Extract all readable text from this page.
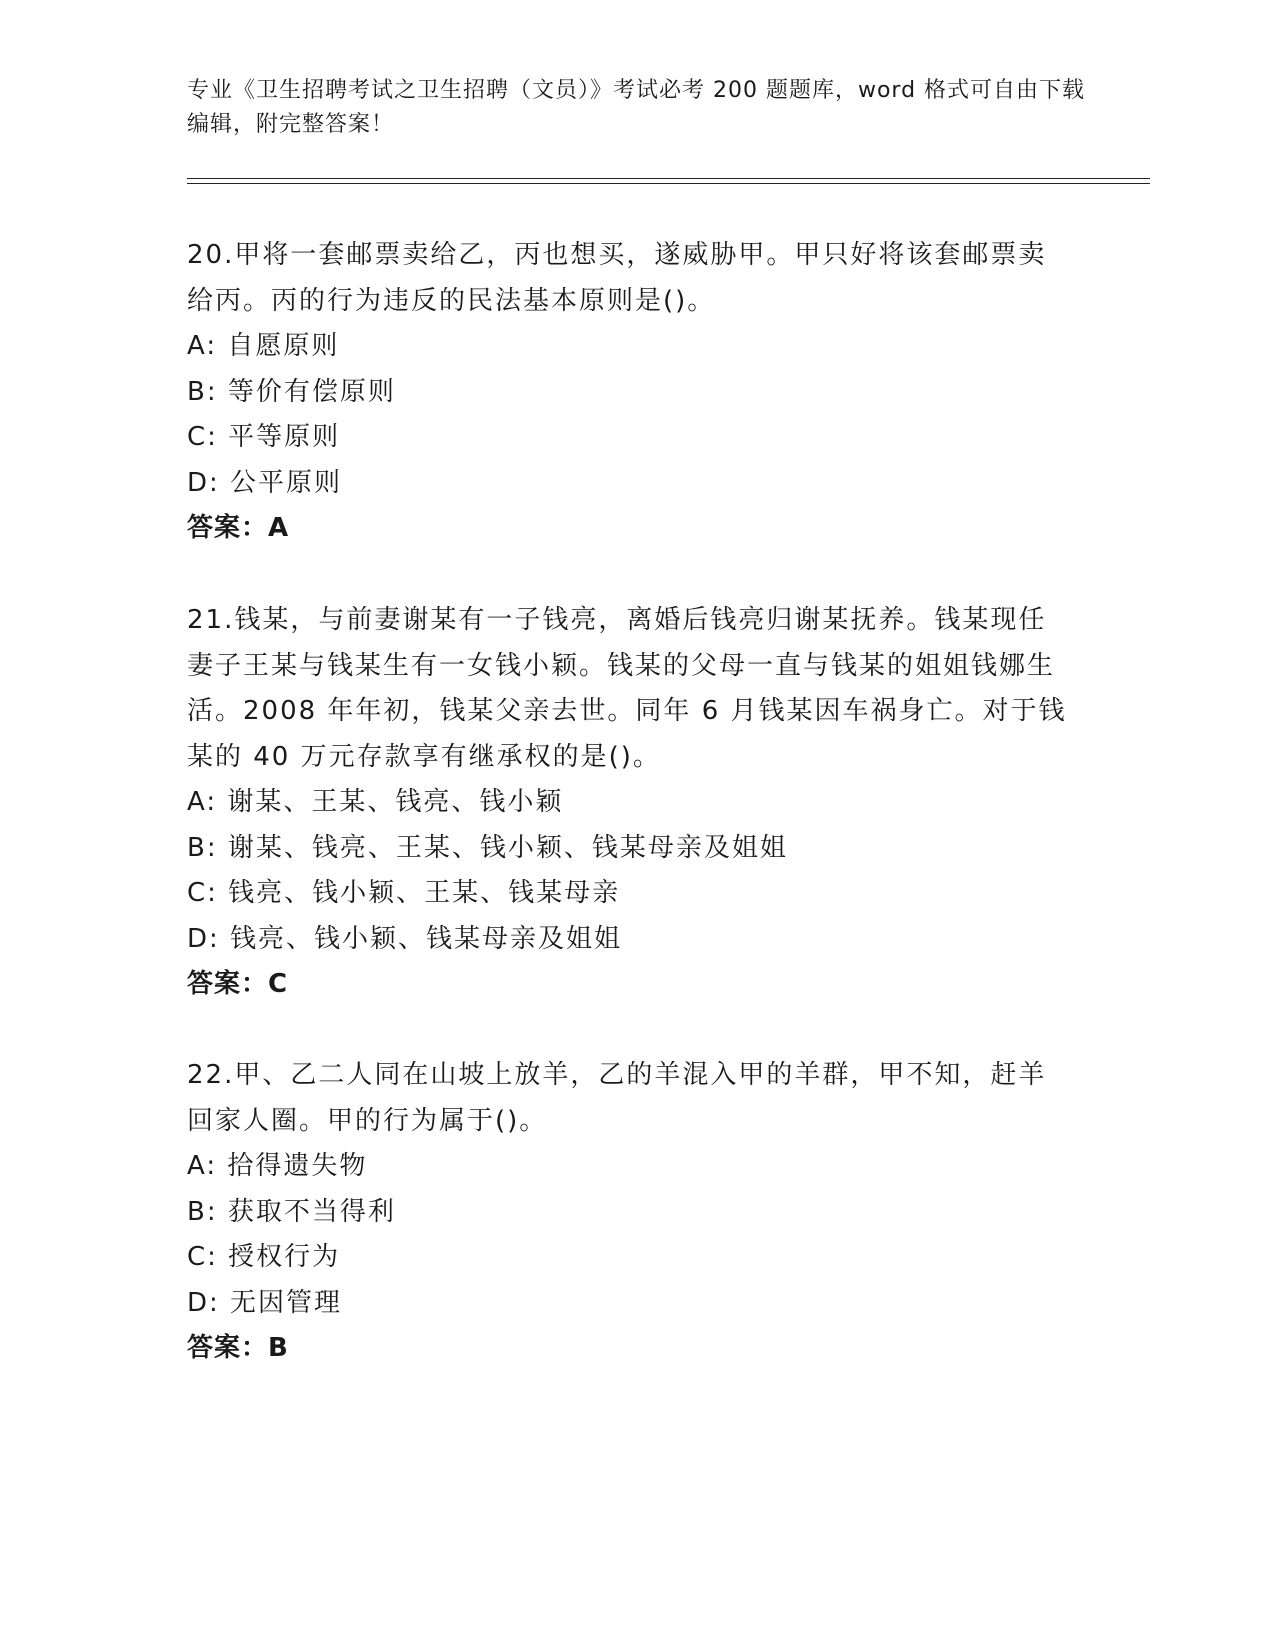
专业《卫生招聘考试之卫生招聘（文员）》考试必考 200 题题库，word 格式可自由下载编辑，附完整答案！

20.甲将一套邮票卖给乙，丙也想买，遂威胁甲。甲只好将该套邮票卖给丙。丙的行为违反的民法基本原则是()。

A: 自愿原则

B: 等价有偿原则

C: 平等原则

D: 公平原则

答案：A

21.钱某，与前妻谢某有一子钱亮，离婚后钱亮归谢某抚养。钱某现任妻子王某与钱某生有一女钱小颖。钱某的父母一直与钱某的姐姐钱娜生活。2008 年年初，钱某父亲去世。同年 6 月钱某因车祸身亡。对于钱某的 40 万元存款享有继承权的是()。

A: 谢某、王某、钱亮、钱小颖

B: 谢某、钱亮、王某、钱小颖、钱某母亲及姐姐

C: 钱亮、钱小颖、王某、钱某母亲

D: 钱亮、钱小颖、钱某母亲及姐姐

答案：C

22.甲、乙二人同在山坡上放羊，乙的羊混入甲的羊群，甲不知，赶羊回家人圈。甲的行为属于()。

A: 拾得遗失物

B: 获取不当得利

C: 授权行为

D: 无因管理

答案：B
